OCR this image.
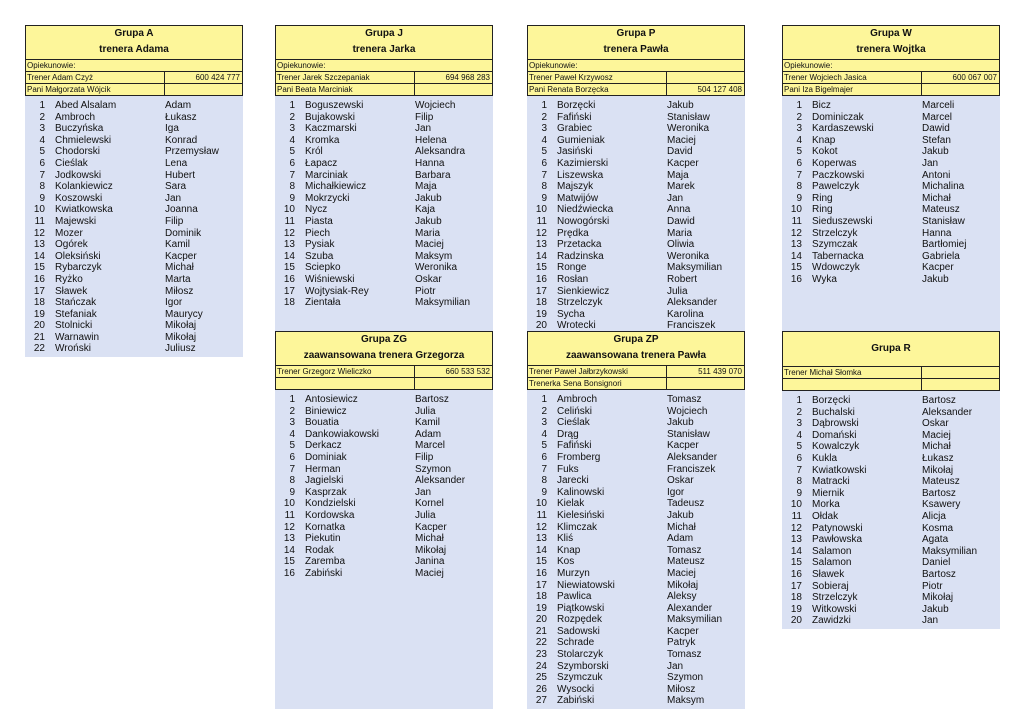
Grupa A
trenera Adama
Opiekunowie:
Trener Adam Czyż	600 424 777
Pani Małgorzata Wójcik
1	Abed Alsalam	Adam
2	Ambroch	Łukasz
3	Buczyńska	Iga
4	Chmielewski	Konrad
5	Chodorski	Przemysław
6	Cieślak	Lena
7	Jodkowski	Hubert
8	Kolankiewicz	Sara
9	Koszowski	Jan
10	Kwiatkowska	Joanna
11	Majewski	Filip
12	Mozer	Dominik
13	Ogórek	Kamil
14	Oleksiński	Kacper
15	Rybarczyk	Michał
16	Ryżko	Marta
17	Sławek	Miłosz
18	Stańczak	Igor
19	Stefaniak	Maurycy
20	Stolnicki	Mikołaj
21	Warnawin	Mikołaj
22	Wroński	Juliusz
Grupa J
trenera Jarka
Opiekunowie:
Trener Jarek Szczepaniak	694 968 283
Pani Beata Marciniak
1	Boguszewski	Wojciech
2	Bujakowski	Filip
3	Kaczmarski	Jan
4	Kromka	Helena
5	Król	Aleksandra
6	Łapacz	Hanna
7	Marciniak	Barbara
8	Michałkiewicz	Maja
9	Mokrzycki	Jakub
10	Nycz	Kaja
11	Piasta	Jakub
12	Piech	Maria
13	Pysiak	Maciej
14	Szuba	Maksym
15	Sciepko	Weronika
16	Wiśniewski	Oskar
17	Wojtysiak-Rey	Piotr
18	Zientała	Maksymilian
Grupa P
trenera Pawła
Opiekunowie:
Trener Paweł Krzywosz
Pani Renata Borzęcka	504 127 408
1	Borzęcki	Jakub
2	Fafiński	Stanisław
3	Grabiec	Weronika
4	Gumieniak	Maciej
5	Jasiński	David
6	Kazimierski	Kacper
7	Liszewska	Maja
8	Majszyk	Marek
9	Matwijów	Jan
10	Niedźwiecka	Anna
11	Nowogórski	Dawid
12	Prędka	Maria
13	Przetacka	Oliwia
14	Radzinska	Weronika
15	Ronge	Maksymilian
16	Rosłan	Robert
17	Sienkiewicz	Julia
18	Strzelczyk	Aleksander
19	Sycha	Karolina
20	Wrotecki	Franciszek
Grupa W
trenera Wojtka
Opiekunowie:
Trener Wojciech Jasica	600 067 007
Pani Iza Bigelmajer
1	Bicz	Marceli
2	Dominiczak	Marcel
3	Kardaszewski	Dawid
4	Knap	Stefan
5	Kokot	Jakub
6	Koperwas	Jan
7	Paczkowski	Antoni
8	Pawelczyk	Michalina
9	Ring	Michał
10	Ring	Mateusz
11	Sieduszewski	Stanisław
12	Strzelczyk	Hanna
13	Szymczak	Bartłomiej
14	Tabernacka	Gabriela
15	Wdowczyk	Kacper
16	Wyka	Jakub
Grupa ZG
zaawansowana trenera Grzegorza
Trener Grzegorz Wieliczko	660 533 532
1	Antosiewicz	Bartosz
2	Biniewicz	Julia
3	Bouatia	Kamil
4	Dankowiakowski	Adam
5	Derkacz	Marcel
6	Dominiak	Filip
7	Herman	Szymon
8	Jagielski	Aleksander
9	Kasprzak	Jan
10	Kondzielski	Kornel
11	Kordowska	Julia
12	Kornatka	Kacper
13	Piekutin	Michał
14	Rodak	Mikołaj
15	Zaremba	Janina
16	Zabiński	Maciej
Grupa ZP
zaawansowana trenera Pawła
Trener Paweł Jałbrzykowski	511 439 070
Trenerka Sena Bonsignori
1	Ambroch	Tomasz
2	Celiński	Wojciech
3	Cieślak	Jakub
4	Drąg	Stanisław
5	Fafiński	Kacper
6	Fromberg	Aleksander
7	Fuks	Franciszek
8	Jarecki	Oskar
9	Kalinowski	Igor
10	Kielak	Tadeusz
11	Kielesiński	Jakub
12	Klimczak	Michał
13	Kliś	Adam
14	Knap	Tomasz
15	Kos	Mateusz
16	Murzyn	Maciej
17	Niewiatowski	Mikołaj
18	Pawlica	Aleksy
19	Piątkowski	Alexander
20	Rozpędek	Maksymilian
21	Sadowski	Kacper
22	Schrade	Patryk
23	Stolarczyk	Tomasz
24	Szymborski	Jan
25	Szymczuk	Szymon
26	Wysocki	Miłosz
27	Zabiński	Maksym
Grupa R
Trener Michał Słomka
1	Borzęcki	Bartosz
2	Buchalski	Aleksander
3	Dąbrowski	Oskar
4	Domański	Maciej
5	Kowalczyk	Michał
6	Kukla	Łukasz
7	Kwiatkowski	Mikołaj
8	Matracki	Mateusz
9	Miernik	Bartosz
10	Morka	Ksawery
11	Ołdak	Alicja
12	Patynowski	Kosma
13	Pawłowska	Agata
14	Salamon	Maksymilian
15	Salamon	Daniel
16	Sławek	Bartosz
17	Sobieraj	Piotr
18	Strzelczyk	Mikołaj
19	Witkowski	Jakub
20	Zawidzki	Jan
